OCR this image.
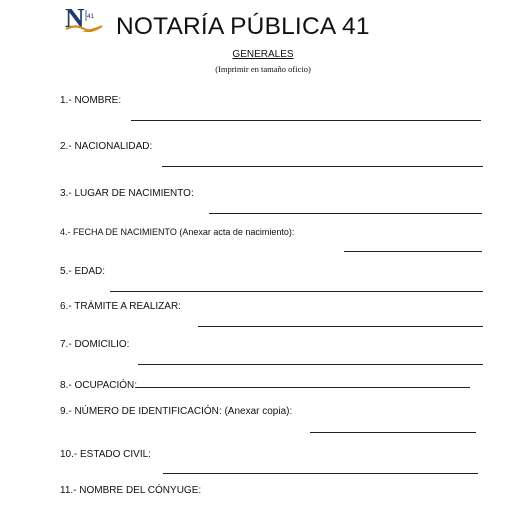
N 41 NOTARÍA PÚBLICA 41
GENERALES
(Imprimir en tamaño oficio)
1.- NOMBRE:
2.- NACIONALIDAD:
3.- LUGAR DE NACIMIENTO:
4.- FECHA DE NACIMIENTO (Anexar acta de nacimiento):
5.- EDAD:
6.- TRÁMITE A REALIZAR:
7.- DOMICILIO:
8.- OCUPACIÓN:
9.- NÚMERO DE IDENTIFICACIÓN: (Anexar copia):
10.- ESTADO CIVIL:
11.- NOMBRE DEL CÓNYUGE:
